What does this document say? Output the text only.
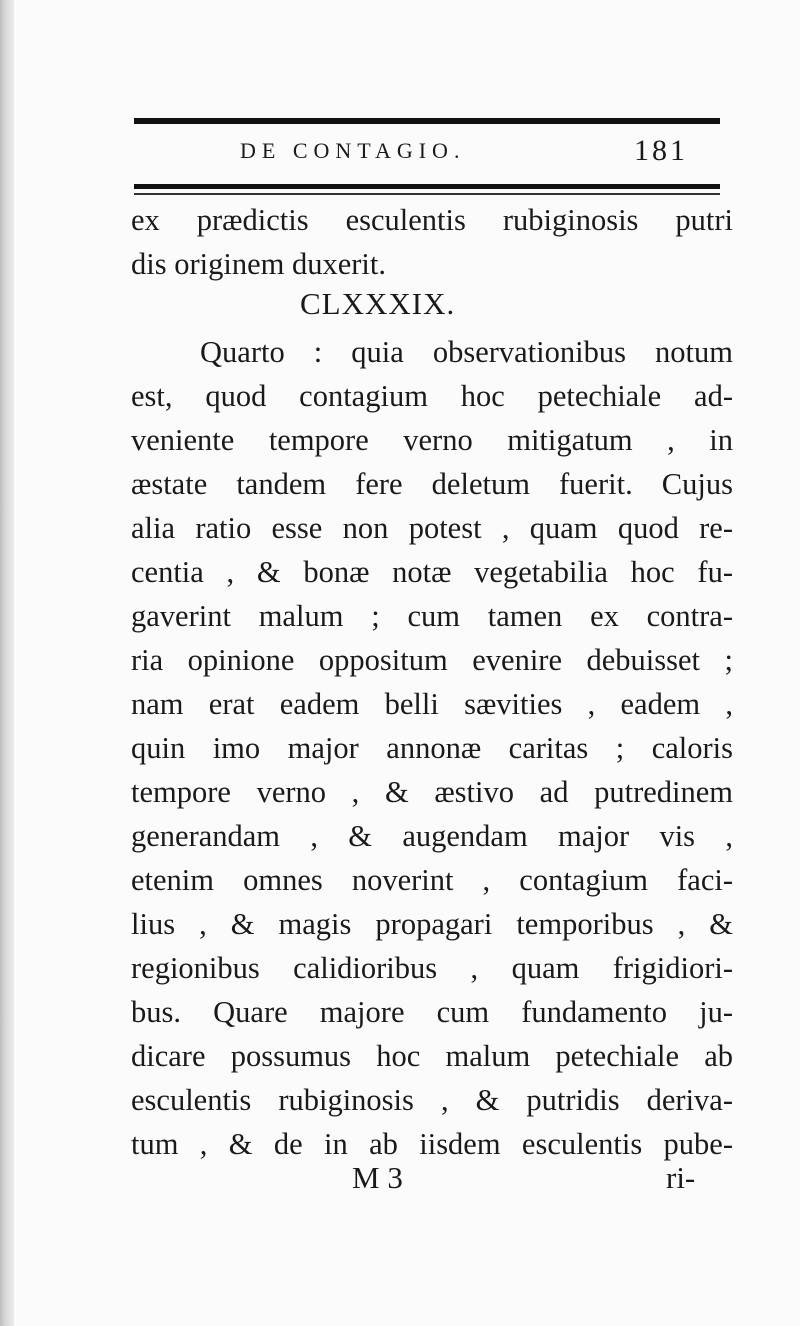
DE CONTAGIO.	181
ex prædictis esculentis rubiginosis putri
dis originem duxerit.
CLXXXIX.
Quarto : quia observationibus notum
est, quod contagium hoc petechiale ad-
veniente tempore verno mitigatum , in
æstate tandem fere deletum fuerit. Cujus
alia ratio esse non potest , quam quod re-
centia , & bonæ notæ vegetabilia hoc fu-
gaverint malum ; cum tamen ex contra-
ria opinione oppositum evenire debuisset ;
nam erat eadem belli sævities , eadem ,
quin imo major annonæ caritas ; caloris
tempore verno , & æstivo ad putredinem
generandam , & augendam major vis ,
etenim omnes noverint , contagium faci-
lius , & magis propagari temporibus , &
regionibus calidioribus , quam frigidiori-
bus. Quare majore cum fundamento ju-
dicare possumus hoc malum petechiale ab
esculentis rubiginosis , & putridis deriva-
tum , & de in ab iisdem esculentis pube-
M 3	ri-
